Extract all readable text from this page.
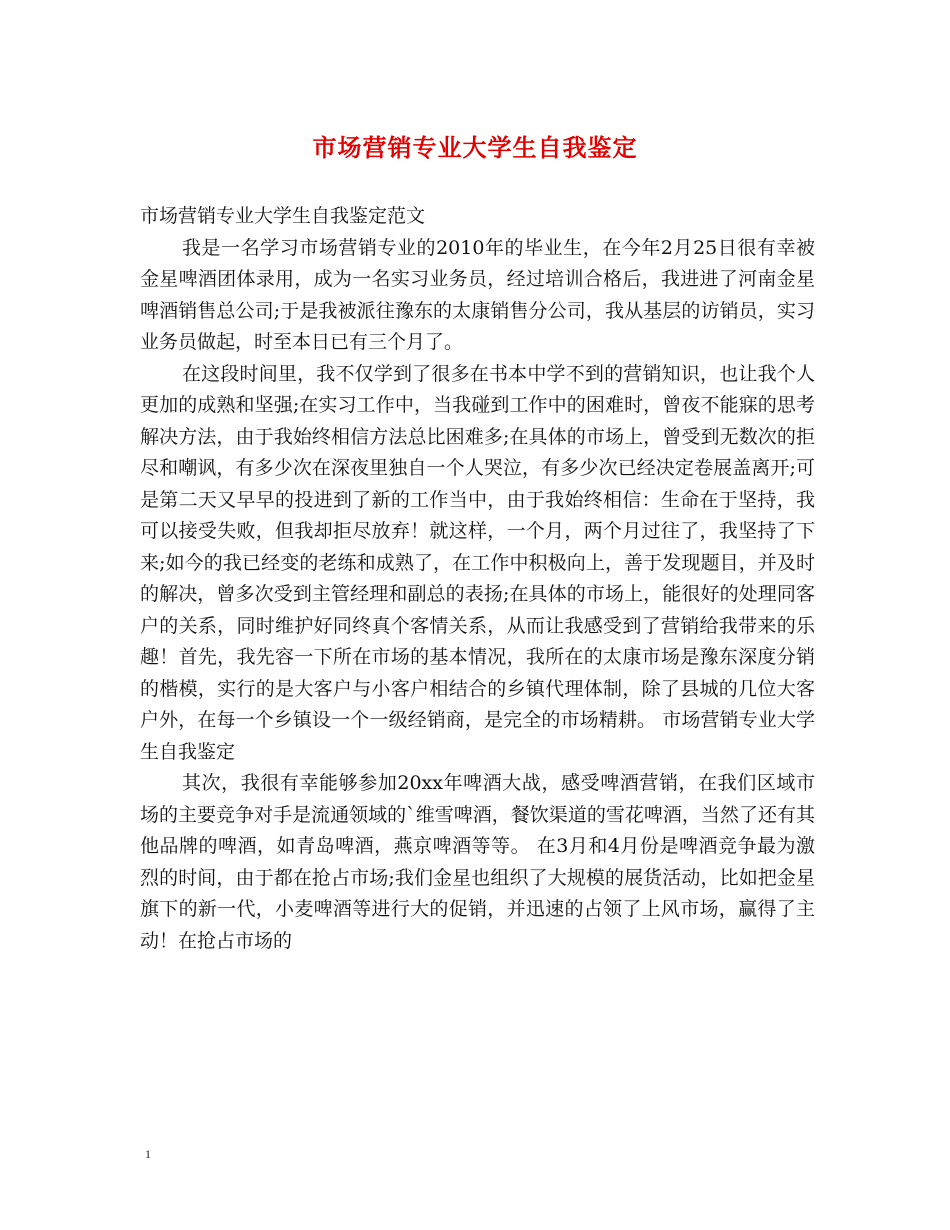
市场营销专业大学生自我鉴定

市场营销专业大学生自我鉴定范文

我是一名学习市场营销专业的2010年的毕业生，在今年2月25日很有幸被金星啤酒团体录用，成为一名实习业务员，经过培训合格后，我进进了河南金星啤酒销售总公司;于是我被派往豫东的太康销售分公司，我从基层的访销员，实习业务员做起，时至本日已有三个月了。

在这段时间里，我不仅学到了很多在书本中学不到的营销知识，也让我个人更加的成熟和坚强;在实习工作中，当我碰到工作中的困难时，曾夜不能寐的思考解决方法，由于我始终相信方法总比困难多;在具体的市场上，曾受到无数次的拒尽和嘲讽，有多少次在深夜里独自一个人哭泣，有多少次已经决定卷展盖离开;可是第二天又早早的投进到了新的工作当中，由于我始终相信：生命在于坚持，我可以接受失败，但我却拒尽放弃！就这样，一个月，两个月过往了，我坚持了下来;如今的我已经变的老练和成熟了，在工作中积极向上，善于发现题目，并及时的解决，曾多次受到主管经理和副总的表扬;在具体的市场上，能很好的处理同客户的关系，同时维护好同终真个客情关系，从而让我感受到了营销给我带来的乐趣！首先，我先容一下所在市场的基本情况，我所在的太康市场是豫东深度分销的楷模，实行的是大客户与小客户相结合的乡镇代理体制，除了县城的几位大客户外，在每一个乡镇设一个一级经销商，是完全的市场精耕。 市场营销专业大学生自我鉴定

其次，我很有幸能够参加20xx年啤酒大战，感受啤酒营销，在我们区域市场的主要竞争对手是流通领域的`维雪啤酒，餐饮渠道的雪花啤酒，当然了还有其他品牌的啤酒，如青岛啤酒，燕京啤酒等等。 在3月和4月份是啤酒竞争最为激烈的时间，由于都在抢占市场;我们金星也组织了大规模的展货活动，比如把金星旗下的新一代，小麦啤酒等进行大的促销，并迅速的占领了上风市场，赢得了主动！在抢占市场的

1
